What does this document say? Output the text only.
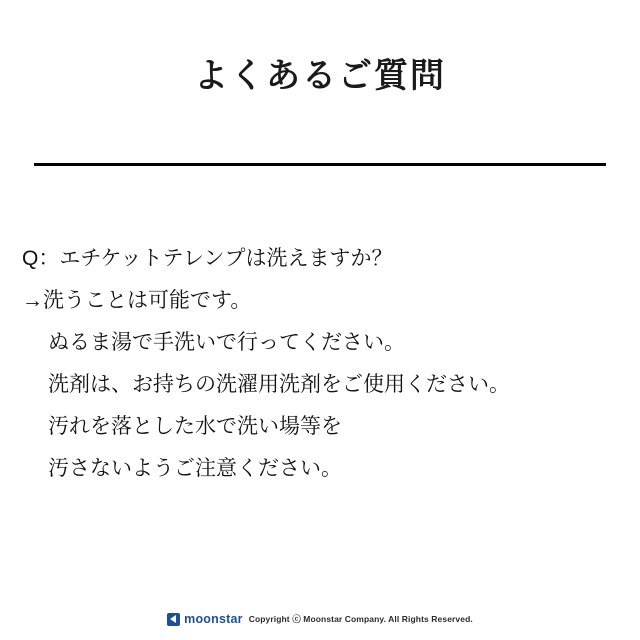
よくあるご質問
Q：エチケットテレンプは洗えますか？
→洗うことは可能です。
ぬるま湯で手洗いで行ってください。
洗剤は、お持ちの洗濯用洗剤をご使用ください。
汚れを落とした水で洗い場等を
汚さないようご注意ください。
moonstar Copyright ⓒ Moonstar Company. All Rights Reserved.
